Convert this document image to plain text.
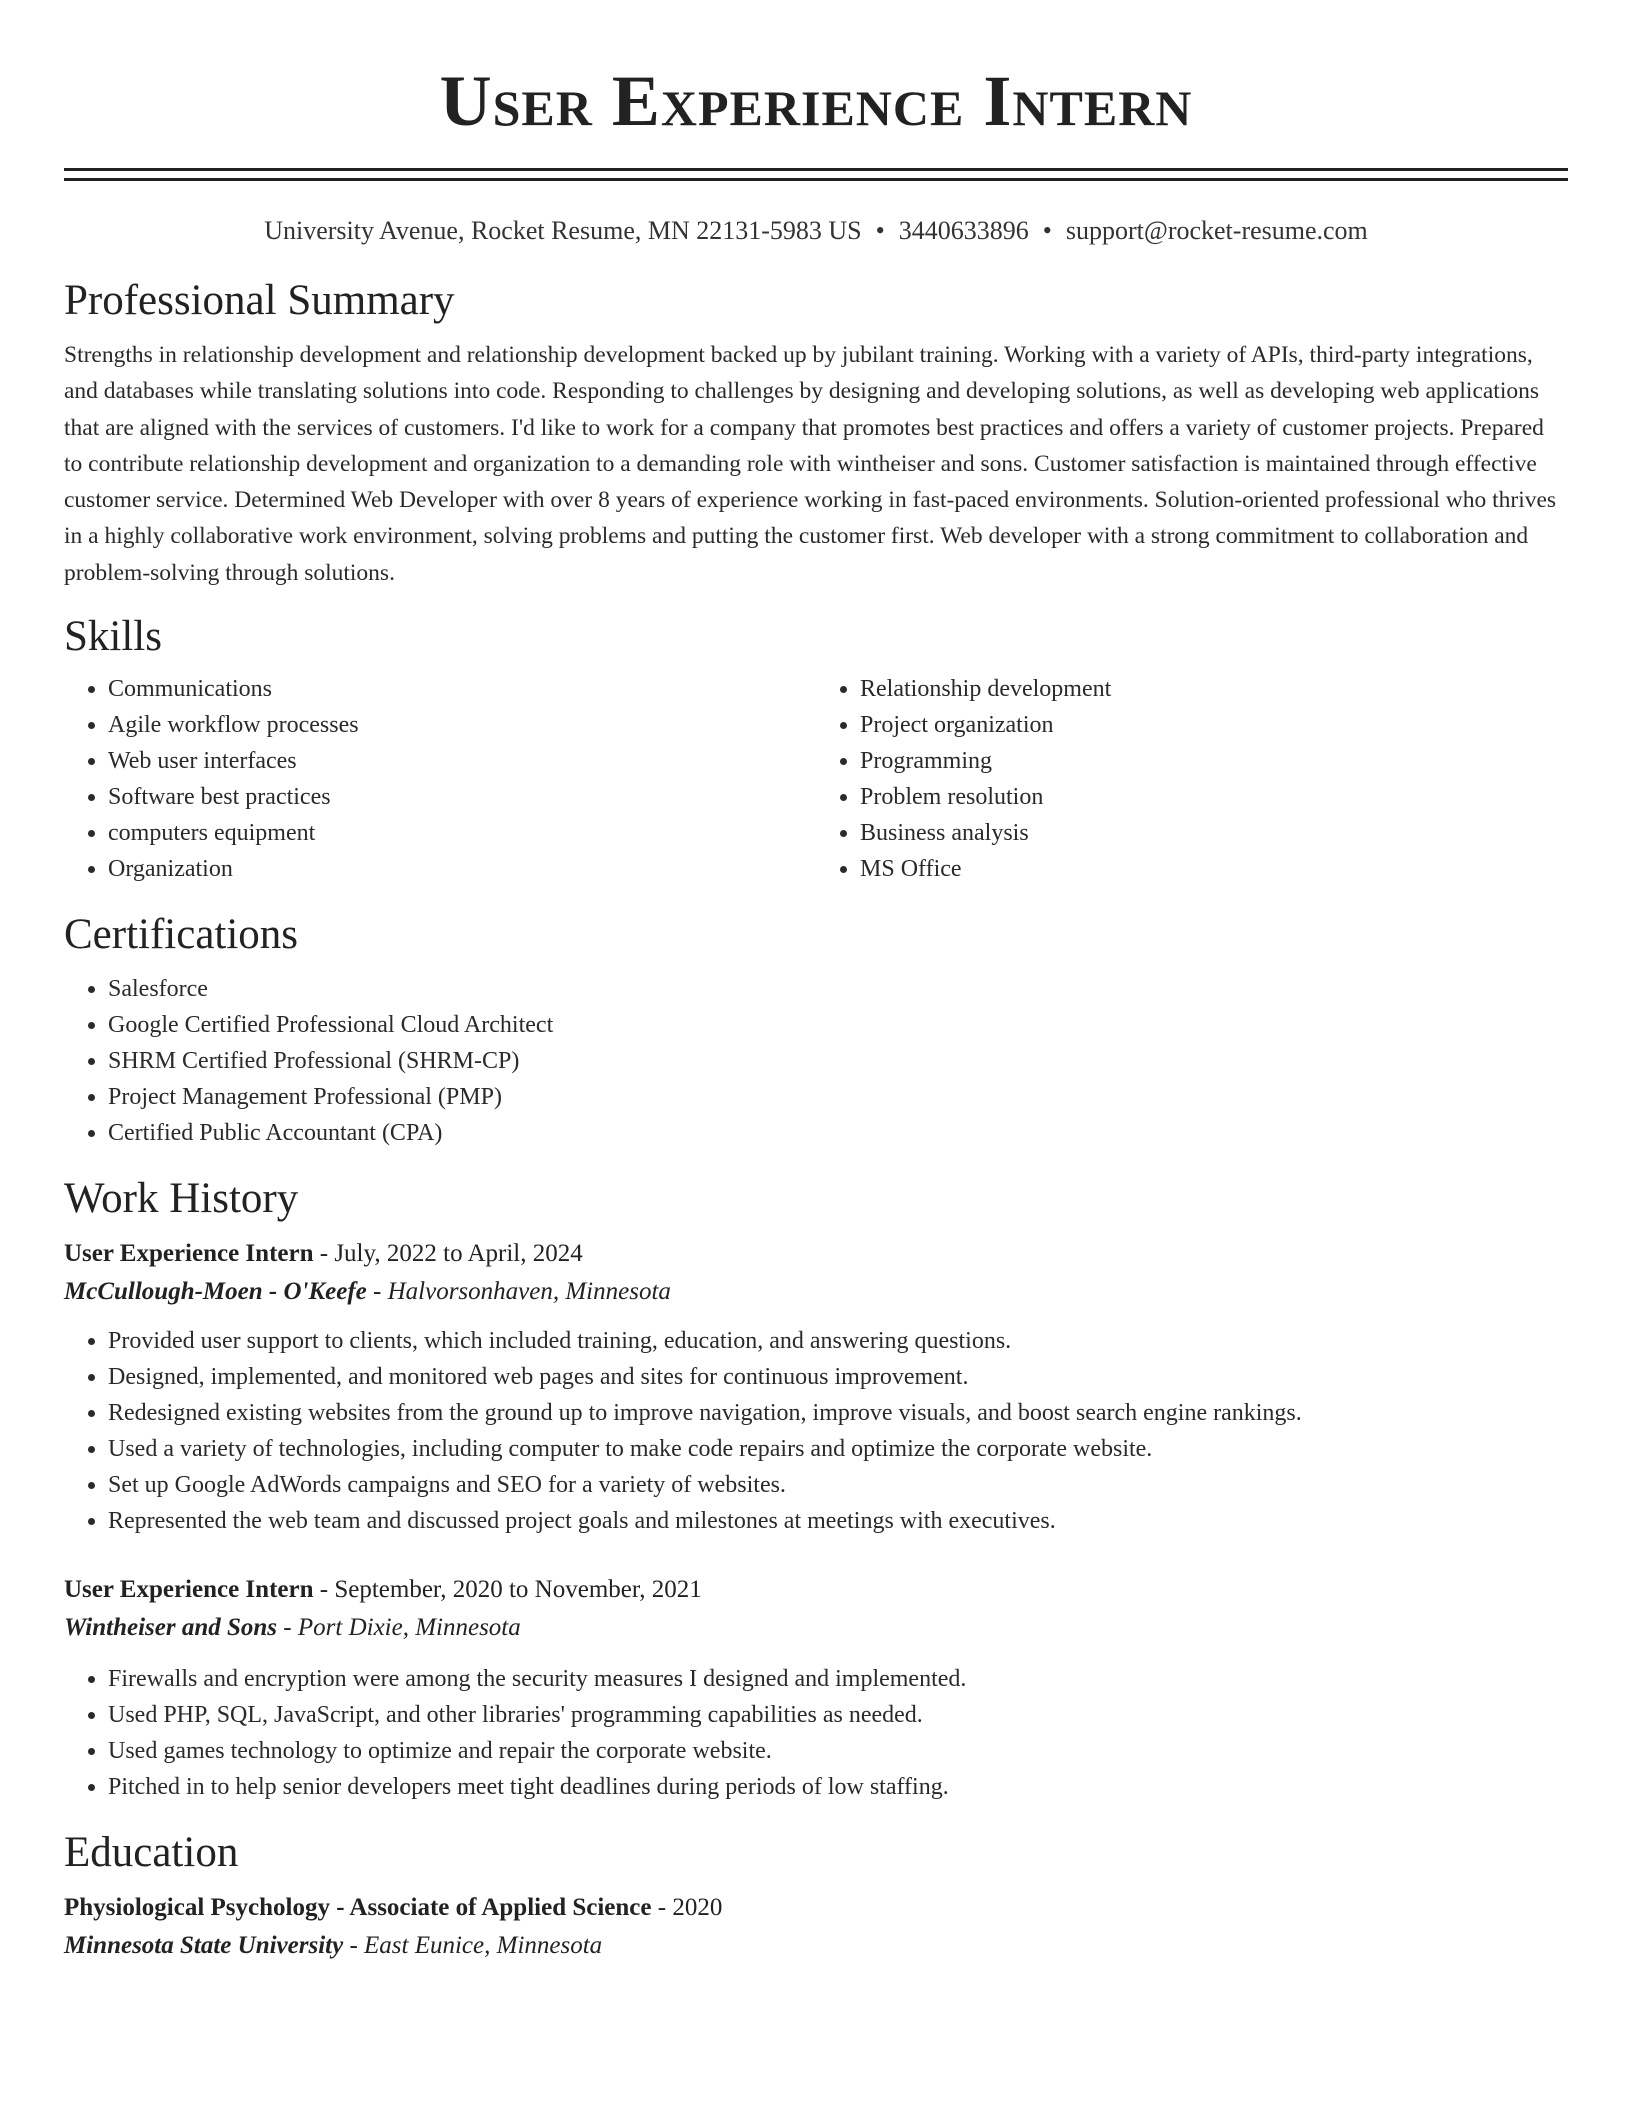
User Experience Intern
University Avenue, Rocket Resume, MN 22131-5983 US • 3440633896 • support@rocket-resume.com
Professional Summary

Strengths in relationship development and relationship development backed up by jubilant training. Working with a variety of APIs, third-party integrations, and databases while translating solutions into code. Responding to challenges by designing and developing solutions, as well as developing web applications that are aligned with the services of customers. I'd like to work for a company that promotes best practices and offers a variety of customer projects. Prepared to contribute relationship development and organization to a demanding role with wintheiser and sons. Customer satisfaction is maintained through effective customer service. Determined Web Developer with over 8 years of experience working in fast-paced environments. Solution-oriented professional who thrives in a highly collaborative work environment, solving problems and putting the customer first. Web developer with a strong commitment to collaboration and problem-solving through solutions.

Skills
• Communications
• Agile workflow processes
• Web user interfaces
• Software best practices
• computers equipment
• Organization
• Relationship development
• Project organization
• Programming
• Problem resolution
• Business analysis
• MS Office
Certifications
• Salesforce
• Google Certified Professional Cloud Architect
• SHRM Certified Professional (SHRM-CP)
• Project Management Professional (PMP)
• Certified Public Accountant (CPA)
Work History

User Experience Intern - July, 2022 to April, 2024

McCullough-Moen - O'Keefe - Halvorsonhaven, Minnesota

• Provided user support to clients, which included training, education, and answering questions.
• Designed, implemented, and monitored web pages and sites for continuous improvement.
• Redesigned existing websites from the ground up to improve navigation, improve visuals, and boost search engine rankings.
• Used a variety of technologies, including computer to make code repairs and optimize the corporate website.
• Set up Google AdWords campaigns and SEO for a variety of websites.
• Represented the web team and discussed project goals and milestones at meetings with executives.

User Experience Intern - September, 2020 to November, 2021

Wintheiser and Sons - Port Dixie, Minnesota

• Firewalls and encryption were among the security measures I designed and implemented.
• Used PHP, SQL, JavaScript, and other libraries' programming capabilities as needed.
• Used games technology to optimize and repair the corporate website.
• Pitched in to help senior developers meet tight deadlines during periods of low staffing.
Education

Physiological Psychology - Associate of Applied Science - 2020

Minnesota State University - East Eunice, Minnesota
